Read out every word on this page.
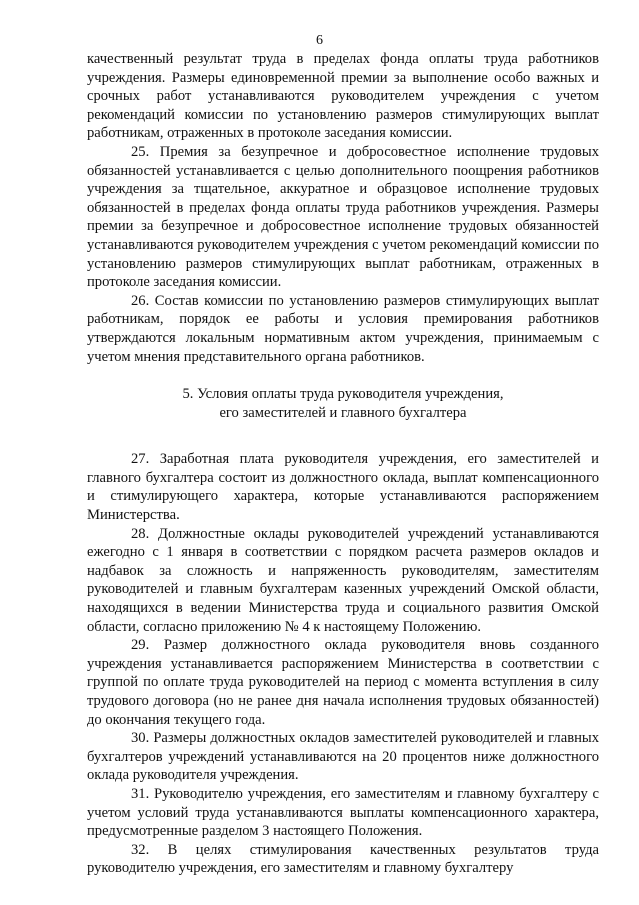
6

качественный результат труда в пределах фонда оплаты труда работников учреждения. Размеры единовременной премии за выполнение особо важных и срочных работ устанавливаются руководителем учреждения с учетом рекомендаций комиссии по установлению размеров стимулирующих выплат работникам, отраженных в протоколе заседания комиссии.

25. Премия за безупречное и добросовестное исполнение трудовых обязанностей устанавливается с целью дополнительного поощрения работников учреждения за тщательное, аккуратное и образцовое исполнение трудовых обязанностей в пределах фонда оплаты труда работников учреждения. Размеры премии за безупречное и добросовестное исполнение трудовых обязанностей устанавливаются руководителем учреждения с учетом рекомендаций комиссии по установлению размеров стимулирующих выплат работникам, отраженных в протоколе заседания комиссии.

26. Состав комиссии по установлению размеров стимулирующих выплат работникам, порядок ее работы и условия премирования работников утверждаются локальным нормативным актом учреждения, принимаемым с учетом мнения представительного органа работников.

5. Условия оплаты труда руководителя учреждения,
его заместителей и главного бухгалтера

27. Заработная плата руководителя учреждения, его заместителей и главного бухгалтера состоит из должностного оклада, выплат компенсационного и стимулирующего характера, которые устанавливаются распоряжением Министерства.

28. Должностные оклады руководителей учреждений устанавливаются ежегодно с 1 января в соответствии с порядком расчета размеров окладов и надбавок за сложность и напряженность руководителям, заместителям руководителей и главным бухгалтерам казенных учреждений Омской области, находящихся в ведении Министерства труда и социального развития Омской области, согласно приложению № 4 к настоящему Положению.

29. Размер должностного оклада руководителя вновь созданного учреждения устанавливается распоряжением Министерства в соответствии с группой по оплате труда руководителей на период с момента вступления в силу трудового договора (но не ранее дня начала исполнения трудовых обязанностей) до окончания текущего года.

30. Размеры должностных окладов заместителей руководителей и главных бухгалтеров учреждений устанавливаются на 20 процентов ниже должностного оклада руководителя учреждения.

31. Руководителю учреждения, его заместителям и главному бухгалтеру с учетом условий труда устанавливаются выплаты компенсационного характера, предусмотренные разделом 3 настоящего Положения.

32. В целях стимулирования качественных результатов труда руководителю учреждения, его заместителям и главному бухгалтеру
